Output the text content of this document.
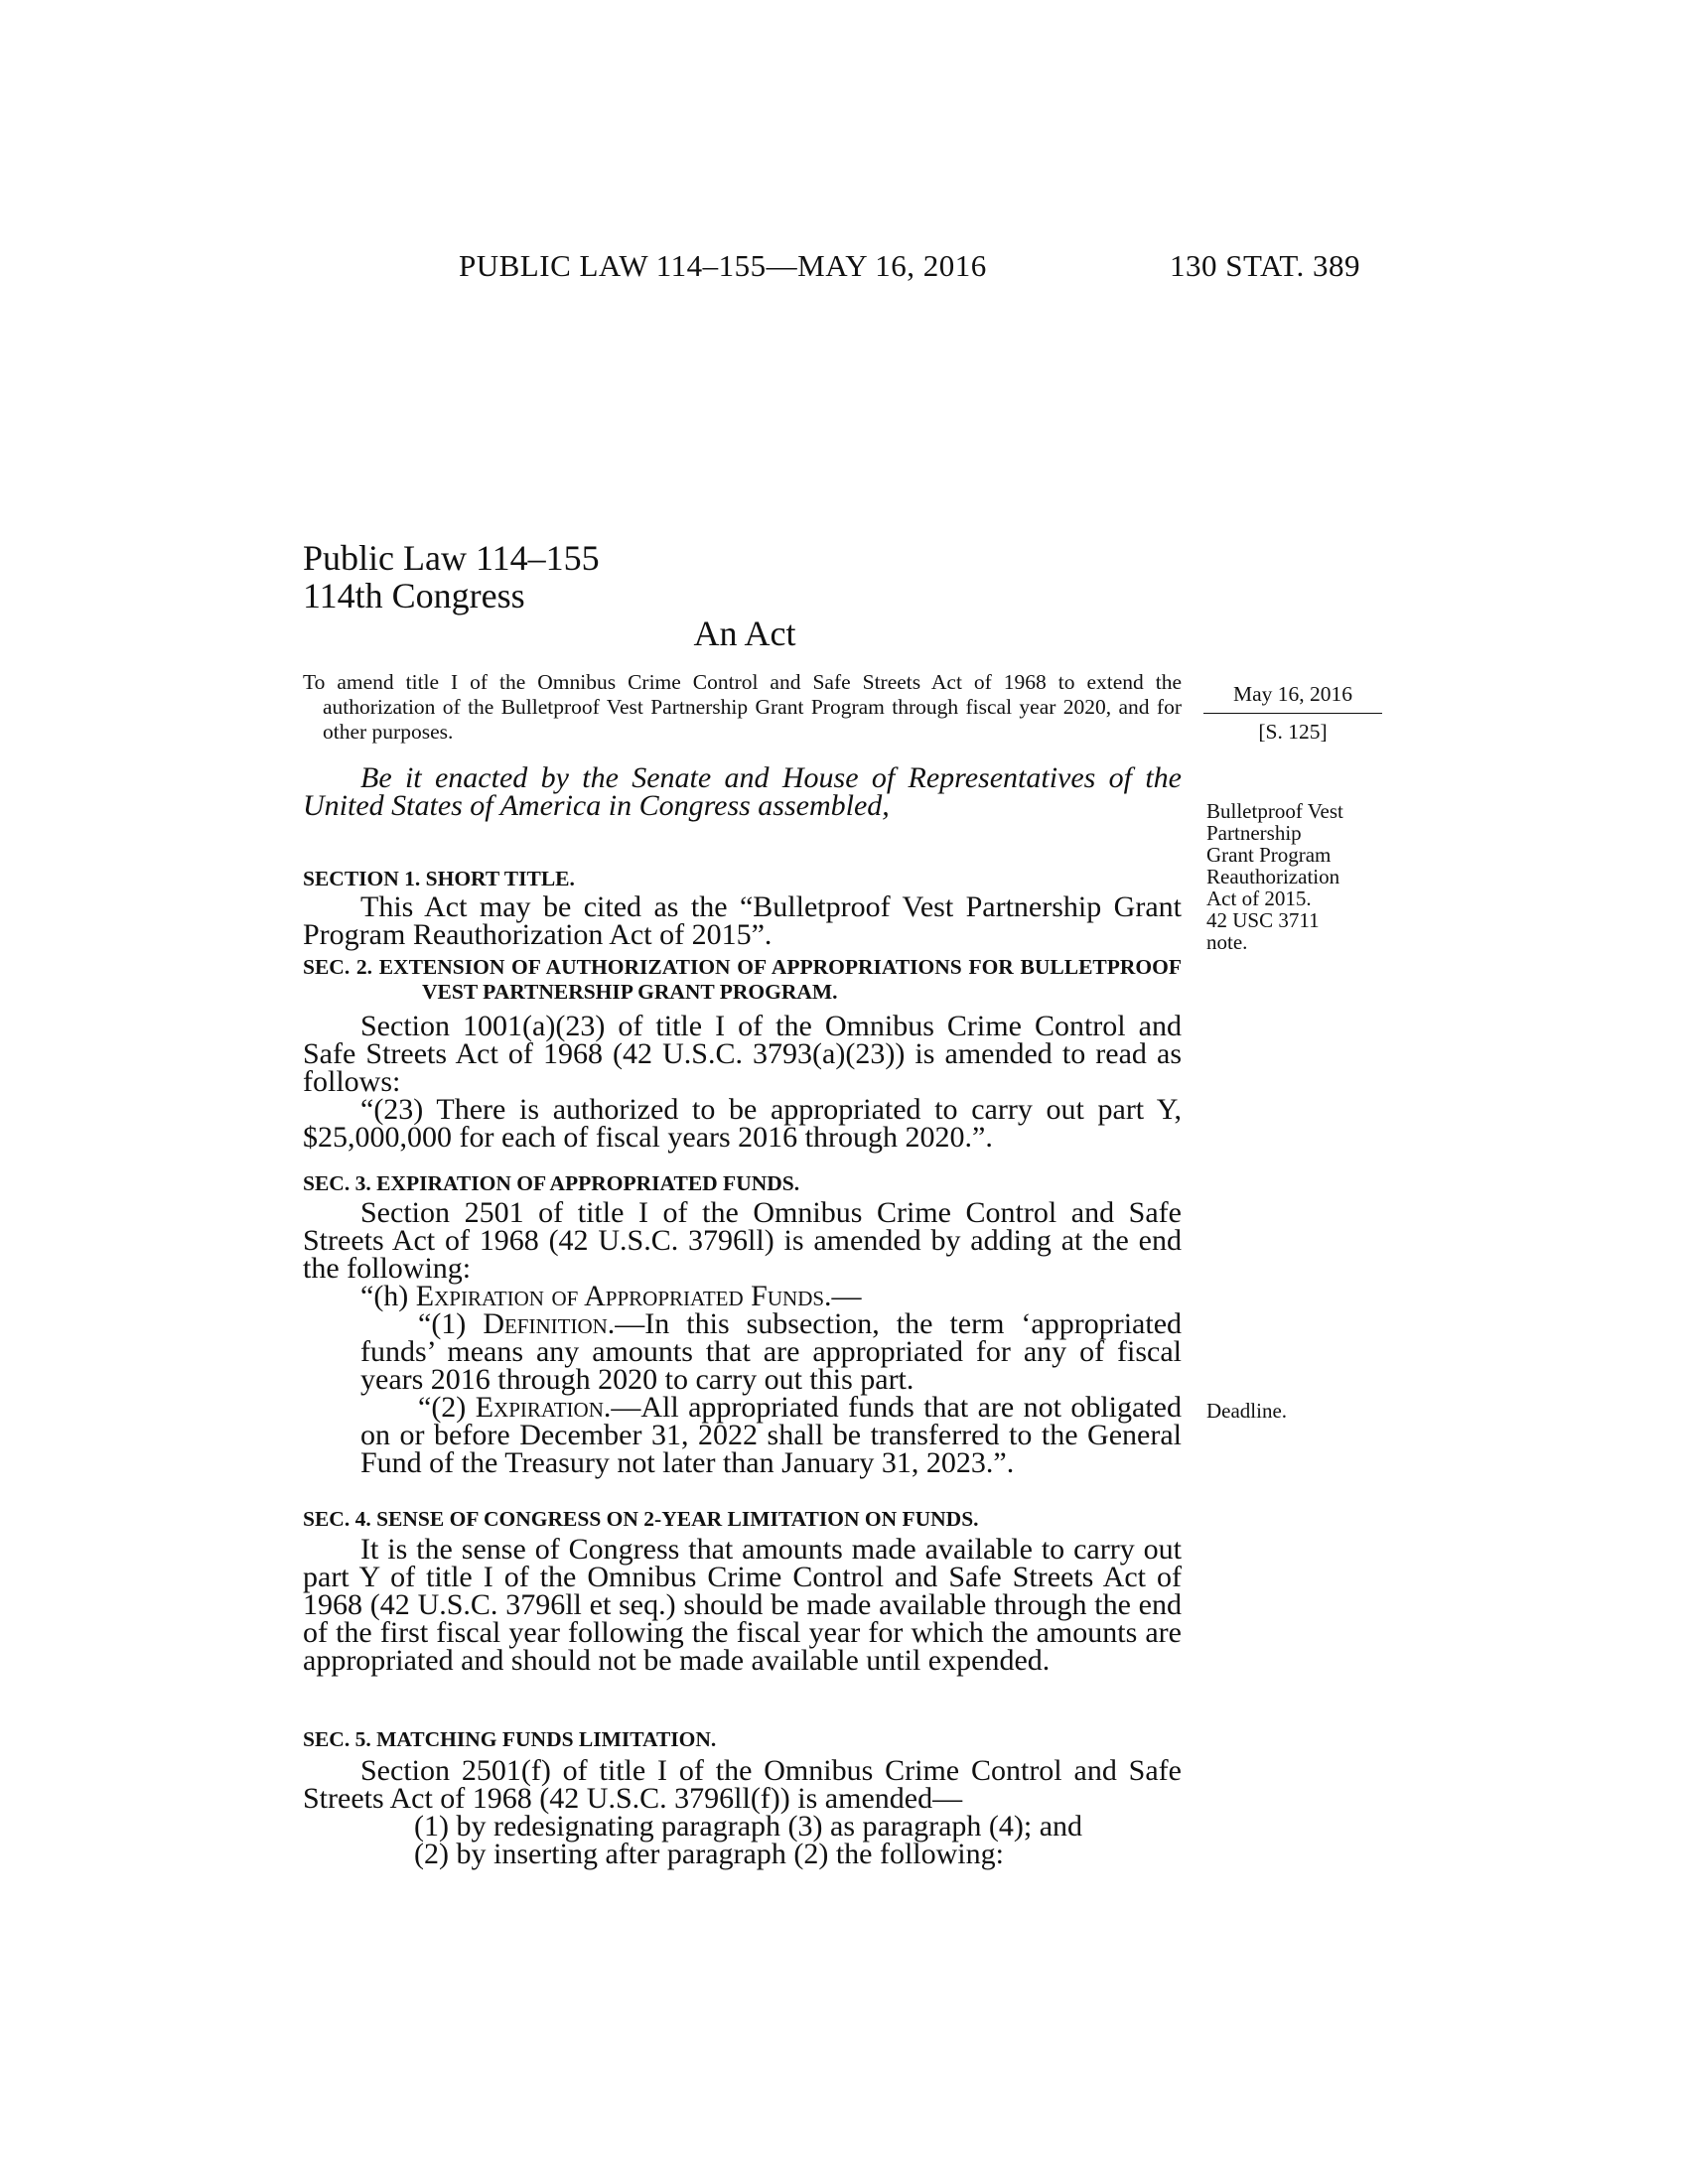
PUBLIC LAW 114–155—MAY 16, 2016	130 STAT. 389
Public Law 114–155
114th Congress
An Act
To amend title I of the Omnibus Crime Control and Safe Streets Act of 1968 to extend the authorization of the Bulletproof Vest Partnership Grant Program through fiscal year 2020, and for other purposes.
May 16, 2016
[S. 125]
Be it enacted by the Senate and House of Representatives of the United States of America in Congress assembled,
SECTION 1. SHORT TITLE.
This Act may be cited as the “Bulletproof Vest Partnership Grant Program Reauthorization Act of 2015”.
SEC. 2. EXTENSION OF AUTHORIZATION OF APPROPRIATIONS FOR BULLETPROOF VEST PARTNERSHIP GRANT PROGRAM.
Section 1001(a)(23) of title I of the Omnibus Crime Control and Safe Streets Act of 1968 (42 U.S.C. 3793(a)(23)) is amended to read as follows:
“(23) There is authorized to be appropriated to carry out part Y, $25,000,000 for each of fiscal years 2016 through 2020.”.
SEC. 3. EXPIRATION OF APPROPRIATED FUNDS.
Section 2501 of title I of the Omnibus Crime Control and Safe Streets Act of 1968 (42 U.S.C. 3796ll) is amended by adding at the end the following:
“(h) Expiration of Appropriated Funds.—
“(1) Definition.—In this subsection, the term ‘appropriated funds’ means any amounts that are appropriated for any of fiscal years 2016 through 2020 to carry out this part.
“(2) Expiration.—All appropriated funds that are not obligated on or before December 31, 2022 shall be transferred to the General Fund of the Treasury not later than January 31, 2023.”.
SEC. 4. SENSE OF CONGRESS ON 2-YEAR LIMITATION ON FUNDS.
It is the sense of Congress that amounts made available to carry out part Y of title I of the Omnibus Crime Control and Safe Streets Act of 1968 (42 U.S.C. 3796ll et seq.) should be made available through the end of the first fiscal year following the fiscal year for which the amounts are appropriated and should not be made available until expended.
SEC. 5. MATCHING FUNDS LIMITATION.
Section 2501(f) of title I of the Omnibus Crime Control and Safe Streets Act of 1968 (42 U.S.C. 3796ll(f)) is amended—
(1) by redesignating paragraph (3) as paragraph (4); and
(2) by inserting after paragraph (2) the following:
Bulletproof Vest
Partnership
Grant Program
Reauthorization
Act of 2015.
42 USC 3711
note.
Deadline.
